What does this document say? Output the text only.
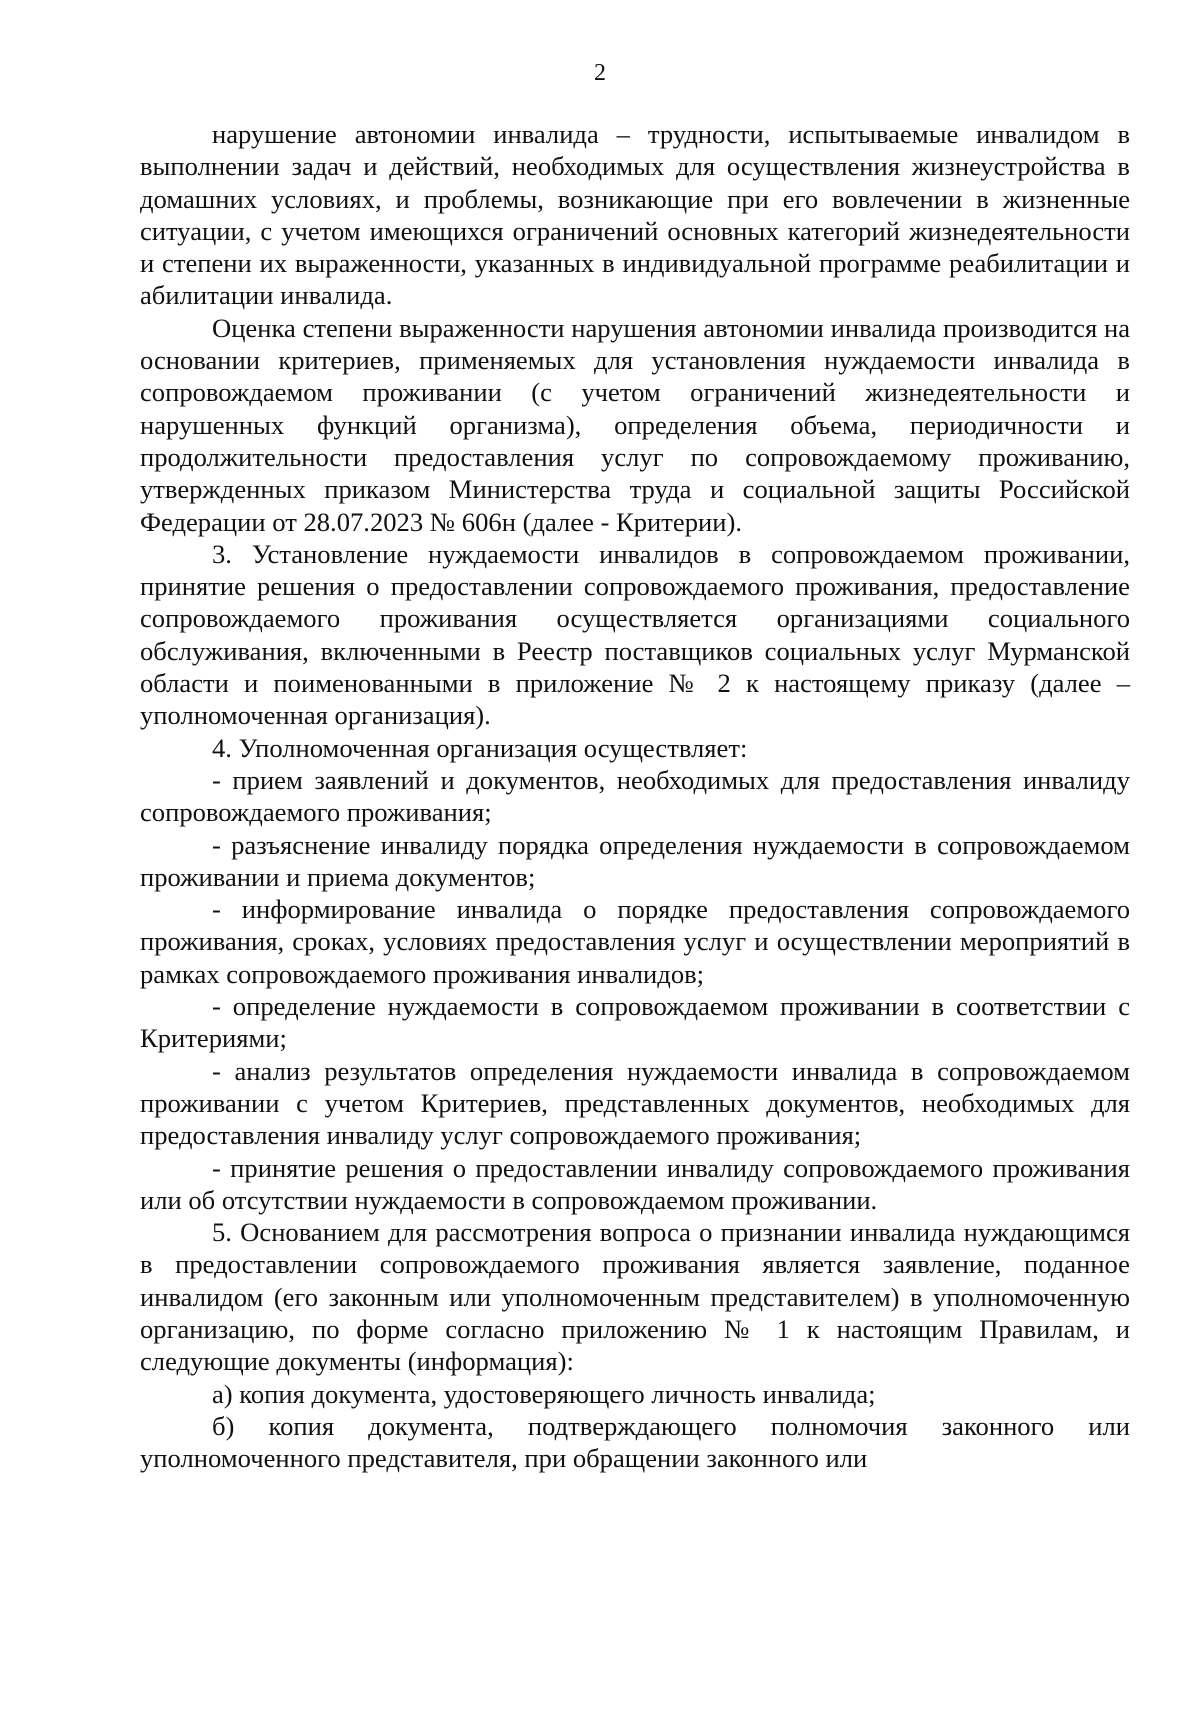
2

нарушение автономии инвалида – трудности, испытываемые инвалидом в выполнении задач и действий, необходимых для осуществления жизнеустройства в домашних условиях, и проблемы, возникающие при его вовлечении в жизненные ситуации, с учетом имеющихся ограничений основных категорий жизнедеятельности и степени их выраженности, указанных в индивидуальной программе реабилитации и абилитации инвалида.

Оценка степени выраженности нарушения автономии инвалида производится на основании критериев, применяемых для установления нуждаемости инвалида в сопровождаемом проживании (с учетом ограничений жизнедеятельности и нарушенных функций организма), определения объема, периодичности и продолжительности предоставления услуг по сопровождаемому проживанию, утвержденных приказом Министерства труда и социальной защиты Российской Федерации от 28.07.2023 № 606н (далее - Критерии).

3. Установление нуждаемости инвалидов в сопровождаемом проживании, принятие решения о предоставлении сопровождаемого проживания, предоставление сопровождаемого проживания осуществляется организациями социального обслуживания, включенными в Реестр поставщиков социальных услуг Мурманской области и поименованными в приложение № 2 к настоящему приказу (далее – уполномоченная организация).

4. Уполномоченная организация осуществляет:

- прием заявлений и документов, необходимых для предоставления инвалиду сопровождаемого проживания;

- разъяснение инвалиду порядка определения нуждаемости в сопровождаемом проживании и приема документов;

- информирование инвалида о порядке предоставления сопровождаемого проживания, сроках, условиях предоставления услуг и осуществлении мероприятий в рамках сопровождаемого проживания инвалидов;

- определение нуждаемости в сопровождаемом проживании в соответствии с Критериями;

- анализ результатов определения нуждаемости инвалида в сопровождаемом проживании с учетом Критериев, представленных документов, необходимых для предоставления инвалиду услуг сопровождаемого проживания;

- принятие решения о предоставлении инвалиду сопровождаемого проживания или об отсутствии нуждаемости в сопровождаемом проживании.

5. Основанием для рассмотрения вопроса о признании инвалида нуждающимся в предоставлении сопровождаемого проживания является заявление, поданное инвалидом (его законным или уполномоченным представителем) в уполномоченную организацию, по форме согласно приложению № 1 к настоящим Правилам, и следующие документы (информация):

а) копия документа, удостоверяющего личность инвалида;

б) копия документа, подтверждающего полномочия законного или уполномоченного представителя, при обращении законного или
